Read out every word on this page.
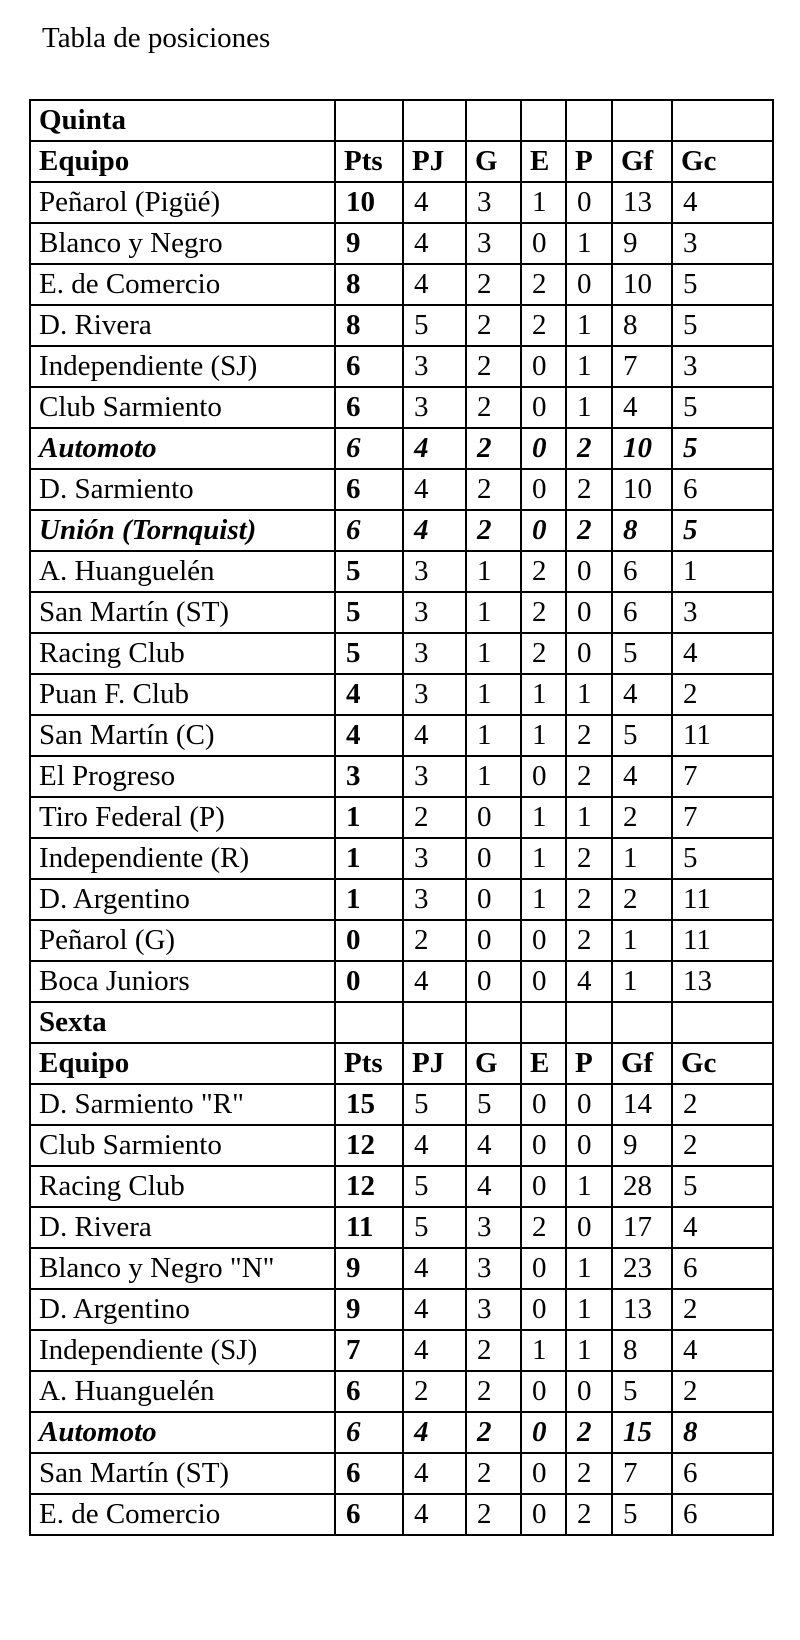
Tabla de posiciones
Quinta							
Equipo	Pts	PJ	G	E	P	Gf	Gc
Peñarol (Pigüé)	10	4	3	1	0	13	4
Blanco y Negro	9	4	3	0	1	9	3
E. de Comercio	8	4	2	2	0	10	5
D. Rivera	8	5	2	2	1	8	5
Independiente (SJ)	6	3	2	0	1	7	3
Club Sarmiento	6	3	2	0	1	4	5
Automoto	6	4	2	0	2	10	5
D. Sarmiento	6	4	2	0	2	10	6
Unión (Tornquist)	6	4	2	0	2	8	5
A. Huanguelén	5	3	1	2	0	6	1
San Martín (ST)	5	3	1	2	0	6	3
Racing Club	5	3	1	2	0	5	4
Puan F. Club	4	3	1	1	1	4	2
San Martín (C)	4	4	1	1	2	5	11
El Progreso	3	3	1	0	2	4	7
Tiro Federal (P)	1	2	0	1	1	2	7
Independiente (R)	1	3	0	1	2	1	5
D. Argentino	1	3	0	1	2	2	11
Peñarol (G)	0	2	0	0	2	1	11
Boca Juniors	0	4	0	0	4	1	13
Sexta							
Equipo	Pts	PJ	G	E	P	Gf	Gc
D. Sarmiento "R"	15	5	5	0	0	14	2
Club Sarmiento	12	4	4	0	0	9	2
Racing Club	12	5	4	0	1	28	5
D. Rivera	11	5	3	2	0	17	4
Blanco y Negro "N"	9	4	3	0	1	23	6
D. Argentino	9	4	3	0	1	13	2
Independiente (SJ)	7	4	2	1	1	8	4
A. Huanguelén	6	2	2	0	0	5	2
Automoto	6	4	2	0	2	15	8
San Martín (ST)	6	4	2	0	2	7	6
E. de Comercio	6	4	2	0	2	5	6
